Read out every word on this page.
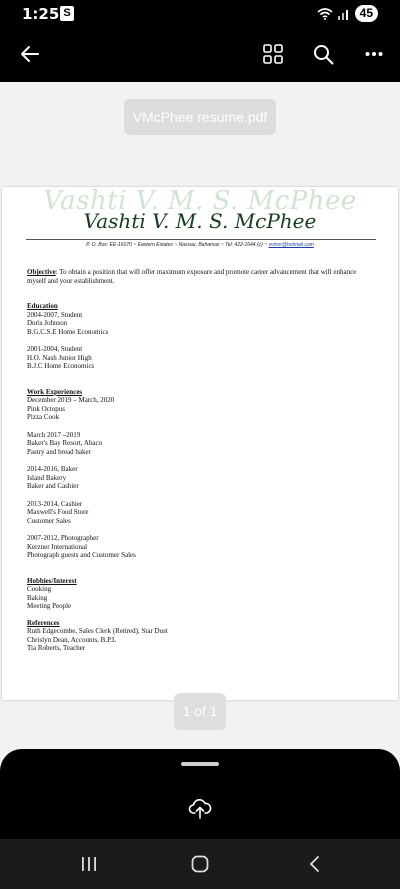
1:25 S	45
VMcPhee resume.pdf
Vashti V. M. S. McPhee
Vashti V. M. S. McPhee
P. O. Box: EE-16070 ~ Eastern Estates ~ Nassau, Bahamas ~ Tel: 422-1644 (c) ~ vvmsr@hotmail.com
Objective: To obtain a position that will offer maximum exposure and promote career advancement that will enhance myself and your establishment.
Education
2004-2007, Student
Doris Johnson
B.G.C.S.E Home Economics
2001-2004, Student
H.O. Nash Junior High
B.J.C Home Economics
Work Experiences
December 2019 – March, 2020
Pink Octopus
Pizza Cook
March 2017 –2019
Baker's Bay Resort, Abaco
Pastry and bread baker
2014-2016, Baker
Island Bakery
Baker and Cashier
2013-2014, Cashier
Maxwell's Food Store
Customer Sales
2007-2012, Photographer
Kerzner International
Photograph guests and Customer Sales
Hobbies/Interest
Cooking
Baking
Meeting People
References
Ruth Edgecombe, Sales Clerk (Retired), Star Dust
Chrislyn Dean, Accounts, B.P.L
Tia Roberts, Teacher
1 of 1
